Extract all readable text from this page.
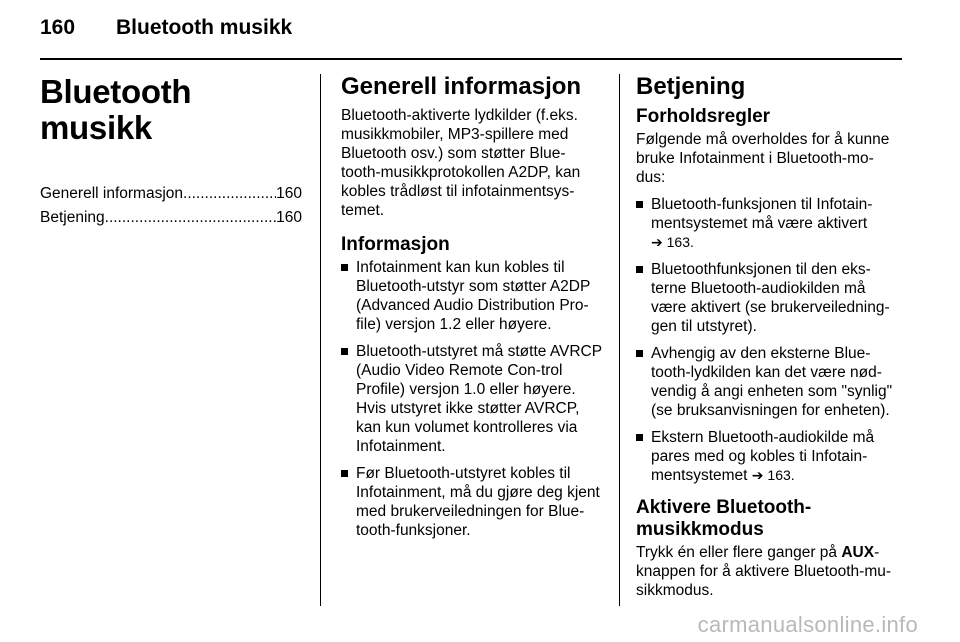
160 Bluetooth musikk
Bluetooth musikk
Generell informasjon .....	160
Betjening .....	160
Generell informasjon

Bluetooth-aktiverte lydkilder (f.eks. musikkmobiler, MP3-spillere med Bluetooth osv.) som støtter Blue-tooth-musikkprotokollen A2DP, kan kobles trådløst til infotainmentsys-temet.

Informasjon
Infotainment kan kun kobles til Bluetooth-utstyr som støtter A2DP (Advanced Audio Distribution Pro-file) versjon 1.2 eller høyere.
Bluetooth-utstyret må støtte AVRCP (Audio Video Remote Con-trol Profile) versjon 1.0 eller høyere. Hvis utstyret ikke støtter AVRCP, kan kun volumet kontrolleres via Infotainment.
Før Bluetooth-utstyret kobles til Infotainment, må du gjøre deg kjent med brukerveiledningen for Blue-tooth-funksjoner.
Betjening
Forholdsregler

Følgende må overholdes for å kunne bruke Infotainment i Bluetooth-mo-dus:

Bluetooth-funksjonen til Infotain-mentsystemet må være aktivert
➔ 163.
Bluetoothfunksjonen til den eks-terne Bluetooth-audiokilden må være aktivert (se brukerveiledning-gen til utstyret).
Avhengig av den eksterne Blue-tooth-lydkilden kan det være nød-vendig å angi enheten som "synlig" (se bruksanvisningen for enheten).
Ekstern Bluetooth-audiokilde må pares med og kobles ti Infotain-mentsystemet ➔ 163.
Aktivere Bluetooth-musikkmodus

Trykk én eller flere ganger på AUX-knappen for å aktivere Bluetooth-mu-sikkmodus.

carmanualsonline.info
